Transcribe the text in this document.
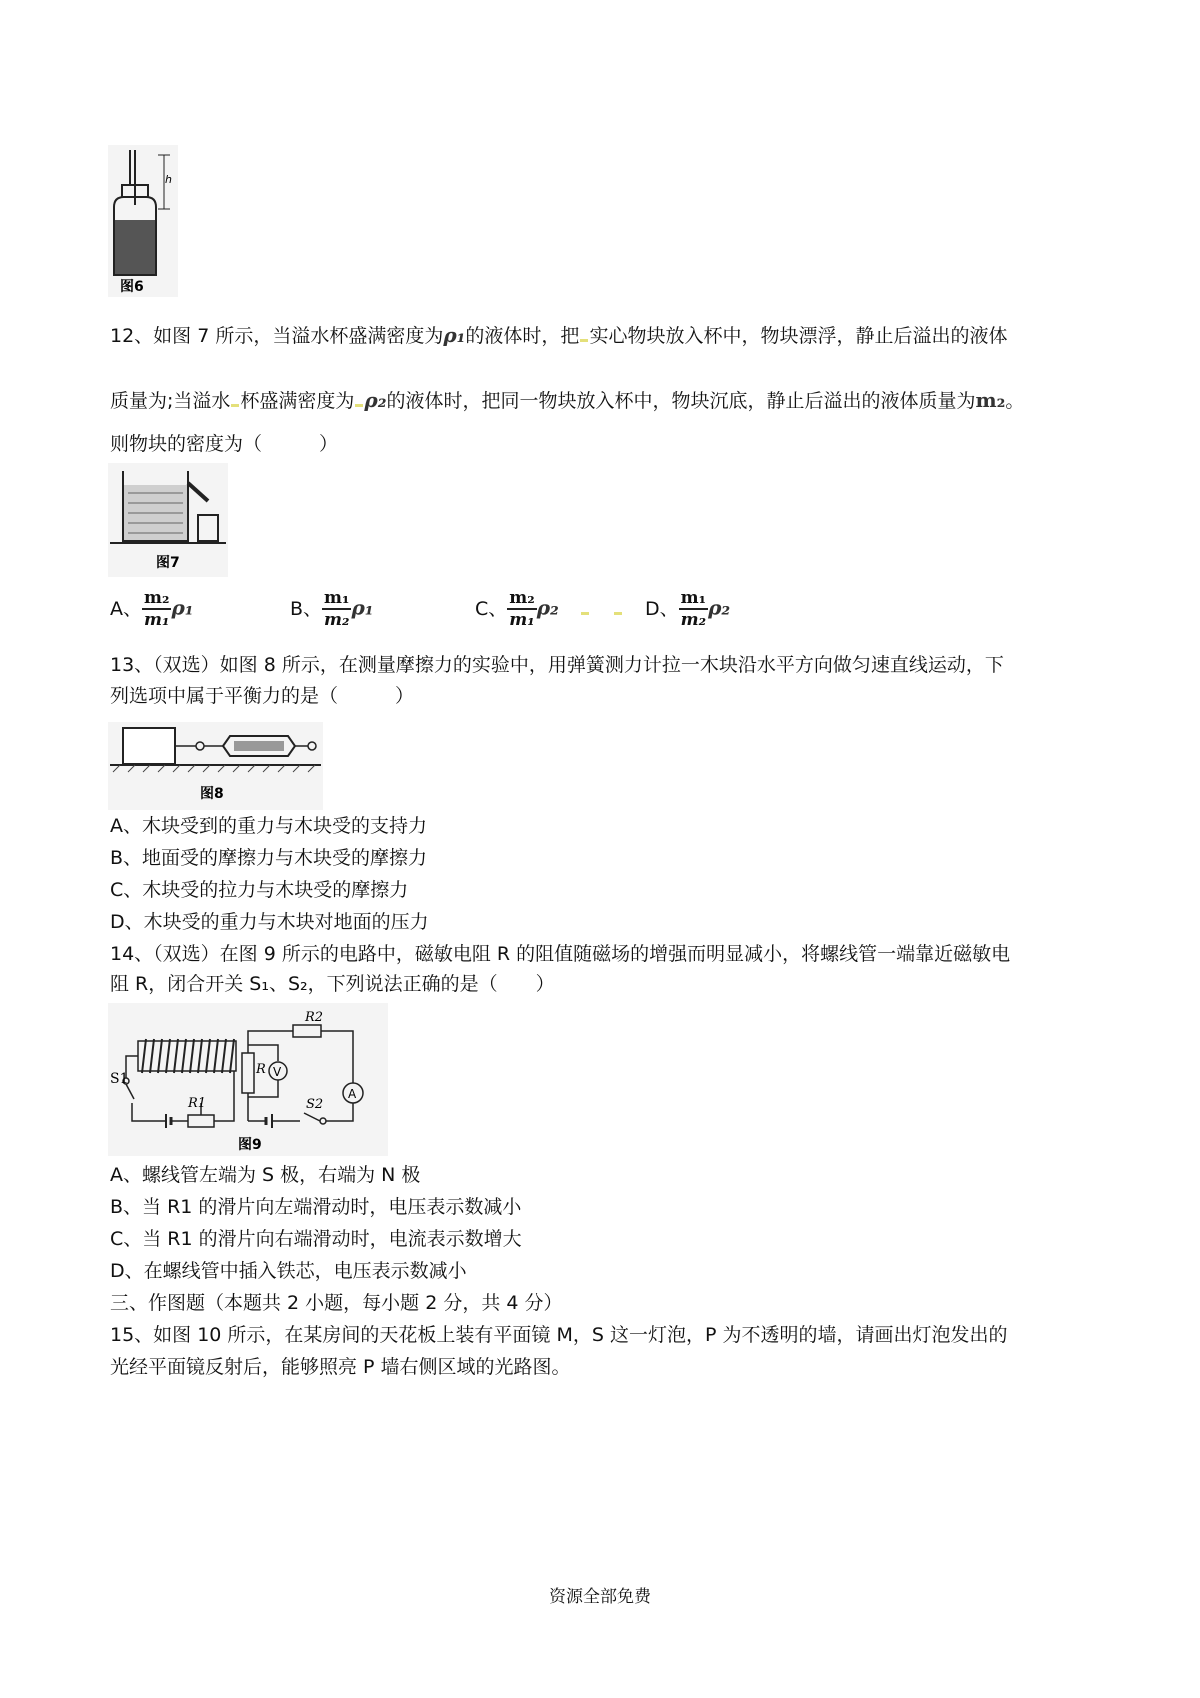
h
图6
12、如图 7 所示，当溢水杯盛满密度为ρ₁的液体时，把 实心物块放入杯中，物块漂浮，静止后溢出的液体
质量为;当溢水 杯盛满密度为 ρ₂的液体时，把同一物块放入杯中，物块沉底，静止后溢出的液体质量为m₂。
则物块的密度为（　　　）
图7
A、 $\frac{\text{m₂}}{\text{m₁}} \rho_1$	B、 $\frac{\text{m₁}}{\text{m₂}} \rho_1$	C、 $\frac{\text{m₂}}{\text{m₁}} \rho_2$	D、 $\frac{\text{m₁}}{\text{m₂}} \rho_2$
13、（双选）如图 8 所示，在测量摩擦力的实验中，用弹簧测力计拉一木块沿水平方向做匀速直线运动，下
列选项中属于平衡力的是（　　　）
图8
A、木块受到的重力与木块受的支持力
B、地面受的摩擦力与木块受的摩擦力
C、木块受的拉力与木块受的摩擦力
D、木块受的重力与木块对地面的压力
14、（双选）在图 9 所示的电路中，磁敏电阻 R 的阻值随磁场的增强而明显减小，将螺线管一端靠近磁敏电
阻 R，闭合开关 S₁、S₂，下列说法正确的是（　　）
S1
R1
R V
R2
A
S2
图9
A、螺线管左端为 S 极，右端为 N 极
B、当 R1 的滑片向左端滑动时，电压表示数减小
C、当 R1 的滑片向右端滑动时，电流表示数增大
D、在螺线管中插入铁芯，电压表示数减小
三、作图题（本题共 2 小题，每小题 2 分，共 4 分）
15、如图 10 所示，在某房间的天花板上装有平面镜 M，S 这一灯泡，P 为不透明的墙，请画出灯泡发出的
光经平面镜反射后，能够照亮 P 墙右侧区域的光路图。
资源全部免费
